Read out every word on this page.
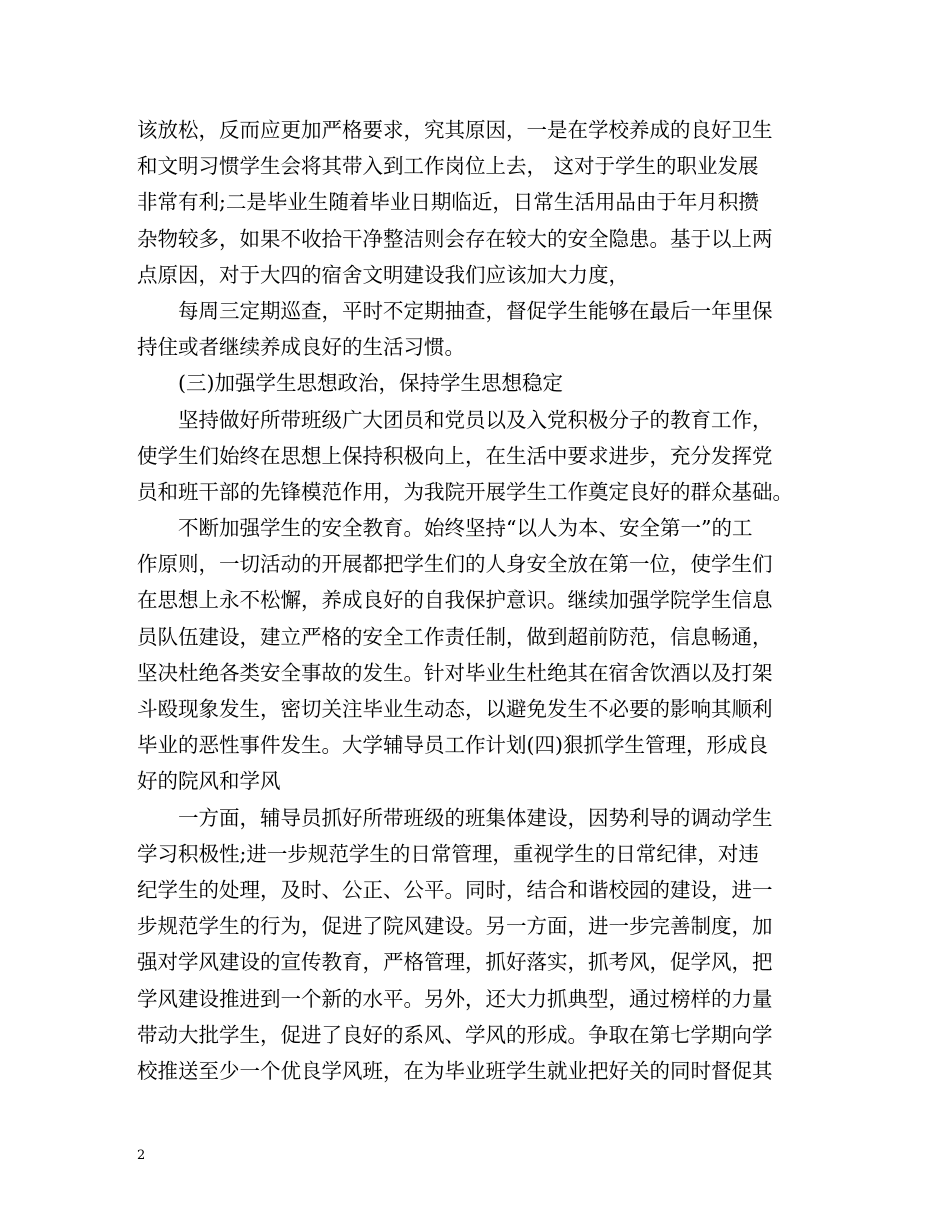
该放松，反而应更加严格要求，究其原因，一是在学校养成的良好卫生
和文明习惯学生会将其带入到工作岗位上去， 这对于学生的职业发展
非常有利;二是毕业生随着毕业日期临近，日常生活用品由于年月积攒
杂物较多，如果不收拾干净整洁则会存在较大的安全隐患。基于以上两
点原因，对于大四的宿舍文明建设我们应该加大力度，
每周三定期巡查，平时不定期抽查，督促学生能够在最后一年里保
持住或者继续养成良好的生活习惯。
(三)加强学生思想政治，保持学生思想稳定
坚持做好所带班级广大团员和党员以及入党积极分子的教育工作，
使学生们始终在思想上保持积极向上，在生活中要求进步，充分发挥党
员和班干部的先锋模范作用，为我院开展学生工作奠定良好的群众基础。
不断加强学生的安全教育。始终坚持“以人为本、安全第一”的工
作原则，一切活动的开展都把学生们的人身安全放在第一位，使学生们
在思想上永不松懈，养成良好的自我保护意识。继续加强学院学生信息
员队伍建设，建立严格的安全工作责任制，做到超前防范，信息畅通，
坚决杜绝各类安全事故的发生。针对毕业生杜绝其在宿舍饮酒以及打架
斗殴现象发生，密切关注毕业生动态，以避免发生不必要的影响其顺利
毕业的恶性事件发生。大学辅导员工作计划(四)狠抓学生管理，形成良
好的院风和学风
一方面，辅导员抓好所带班级的班集体建设，因势利导的调动学生
学习积极性;进一步规范学生的日常管理，重视学生的日常纪律，对违
纪学生的处理，及时、公正、公平。同时，结合和谐校园的建设，进一
步规范学生的行为，促进了院风建设。另一方面，进一步完善制度，加
强对学风建设的宣传教育，严格管理，抓好落实，抓考风，促学风，把
学风建设推进到一个新的水平。另外，还大力抓典型，通过榜样的力量
带动大批学生，促进了良好的系风、学风的形成。争取在第七学期向学
校推送至少一个优良学风班，在为毕业班学生就业把好关的同时督促其
2
